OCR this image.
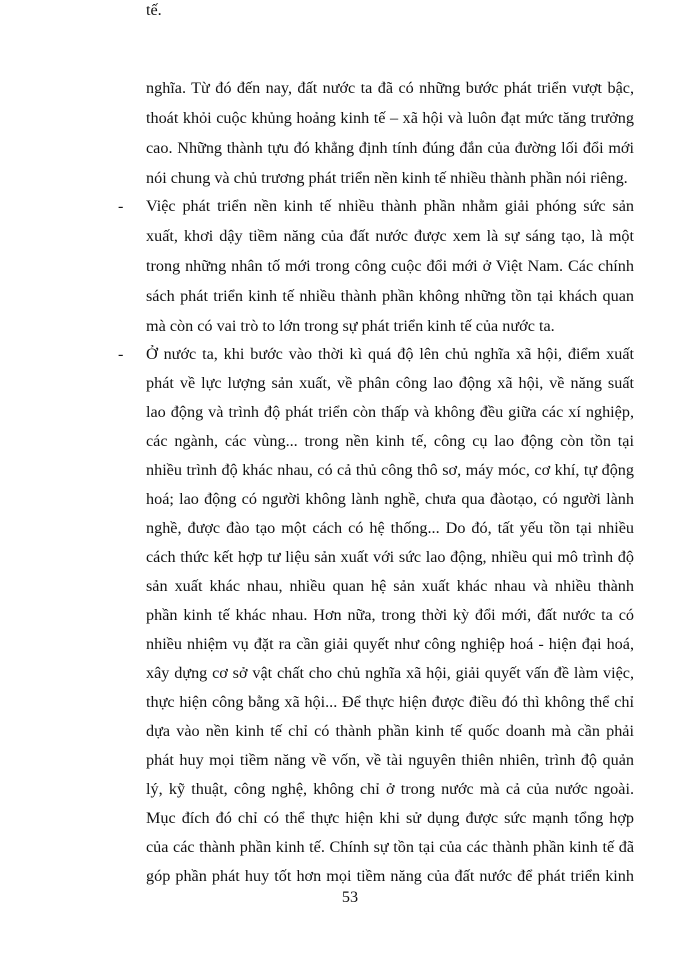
nghĩa. Từ đó đến nay, đất nước ta đã có những bước phát triển vượt bậc,
thoát khỏi cuộc khủng hoảng kinh tế – xã hội và luôn đạt mức tăng trưởng
cao. Những thành tựu đó khẳng định tính đúng đắn của đường lối đổi mới
nói chung và chủ trương phát triển nền kinh tế nhiều thành phần nói riêng.
- Việc phát triển nền kinh tế nhiều thành phần nhằm giải phóng sức sản
xuất, khơi dậy tiềm năng của đất nước được xem là sự sáng tạo, là một
trong những nhân tố mới trong công cuộc đổi mới ở Việt Nam. Các chính
sách phát triển kinh tế nhiều thành phần không những tồn tại khách quan
mà còn có vai trò to lớn trong sự phát triển kinh tế của nước ta.
- Ở nước ta, khi bước vào thời kì quá độ lên chủ nghĩa xã hội, điểm xuất
phát về lực lượng sản xuất, về phân công lao động xã hội, về năng suất
lao động và trình độ phát triển còn thấp và không đều giữa các xí nghiệp,
các ngành, các vùng... trong nền kinh tế, công cụ lao động còn tồn tại
nhiều trình độ khác nhau, có cả thủ công thô sơ, máy móc, cơ khí, tự động
hoá; lao động có người không lành nghề, chưa qua đàotạo, có người lành
nghề, được đào tạo một cách có hệ thống... Do đó, tất yếu tồn tại nhiều
cách thức kết hợp tư liệu sản xuất với sức lao động, nhiều qui mô trình độ
sản xuất khác nhau, nhiều quan hệ sản xuất khác nhau và nhiều thành
phần kinh tế khác nhau. Hơn nữa, trong thời kỳ đổi mới, đất nước ta có
nhiều nhiệm vụ đặt ra cần giải quyết như công nghiệp hoá - hiện đại hoá,
xây dựng cơ sở vật chất cho chủ nghĩa xã hội, giải quyết vấn đề làm việc,
thực hiện công bằng xã hội... Để thực hiện được điều đó thì không thể chỉ
dựa vào nền kinh tế chỉ có thành phần kinh tế quốc doanh mà cần phải
phát huy mọi tiềm năng về vốn, về tài nguyên thiên nhiên, trình độ quản
lý, kỹ thuật, công nghệ, không chỉ ở trong nước mà cả của nước ngoài.
Mục đích đó chỉ có thể thực hiện khi sử dụng được sức mạnh tổng hợp
của các thành phần kinh tế. Chính sự tồn tại của các thành phần kinh tế đã
góp phần phát huy tốt hơn mọi tiềm năng của đất nước để phát triển kinh
tế.
53
